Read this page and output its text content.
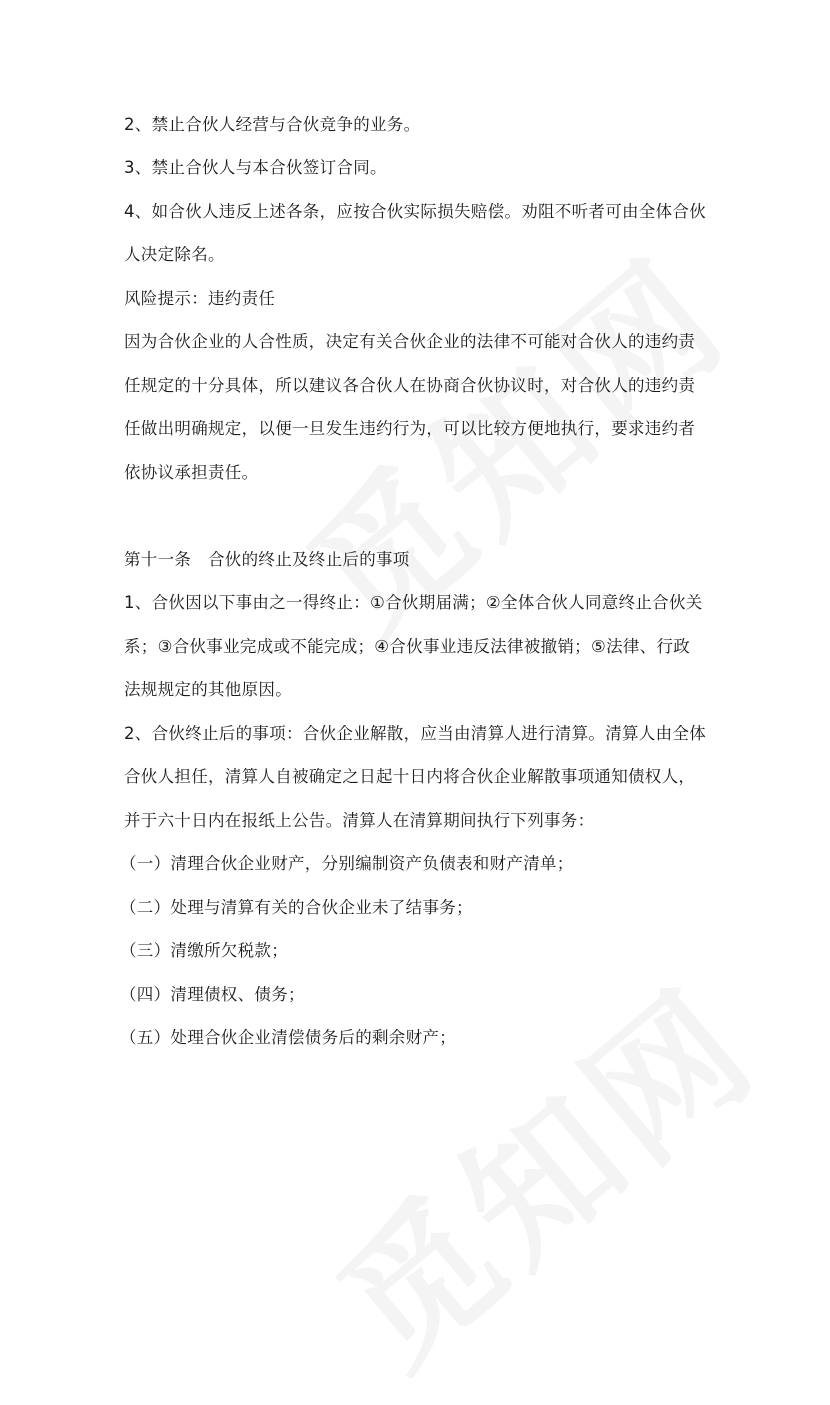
2、禁止合伙人经营与合伙竞争的业务。
3、禁止合伙人与本合伙签订合同。
4、如合伙人违反上述各条，应按合伙实际损失赔偿。劝阻不听者可由全体合伙
人决定除名。
风险提示：违约责任
因为合伙企业的人合性质，决定有关合伙企业的法律不可能对合伙人的违约责
任规定的十分具体，所以建议各合伙人在协商合伙协议时，对合伙人的违约责
任做出明确规定，以便一旦发生违约行为，可以比较方便地执行，要求违约者
依协议承担责任。
第十一条　合伙的终止及终止后的事项
1、合伙因以下事由之一得终止：①合伙期届满；②全体合伙人同意终止合伙关
系；③合伙事业完成或不能完成；④合伙事业违反法律被撤销；⑤法律、行政
法规规定的其他原因。
2、合伙终止后的事项：合伙企业解散，应当由清算人进行清算。清算人由全体
合伙人担任，清算人自被确定之日起十日内将合伙企业解散事项通知债权人，
并于六十日内在报纸上公告。清算人在清算期间执行下列事务：
（一）清理合伙企业财产，分别编制资产负债表和财产清单；
（二）处理与清算有关的合伙企业未了结事务；
（三）清缴所欠税款；
（四）清理债权、债务；
（五）处理合伙企业清偿债务后的剩余财产；
